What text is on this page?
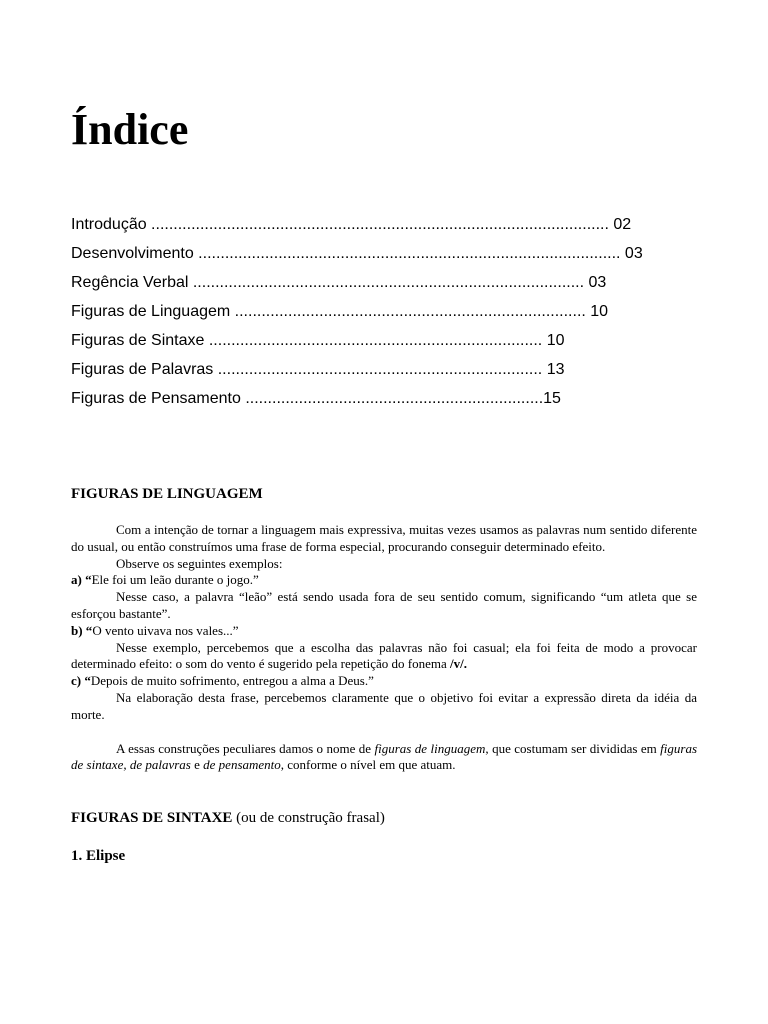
Índice
Introdução ....................................................................................................... 02
Desenvolvimento ............................................................................................... 03
Regência Verbal ........................................................................................ 03
Figuras de Linguagem ............................................................................... 10
Figuras de Sintaxe ........................................................................... 10
Figuras de Palavras ......................................................................... 13
Figuras de Pensamento ...................................................................15
FIGURAS DE LINGUAGEM

Com a intenção de tornar a linguagem mais expressiva, muitas vezes usamos as palavras num sentido diferente do usual, ou então construímos uma frase de forma especial, procurando conseguir determinado efeito.

Observe os seguintes exemplos:

a) “Ele foi um leão durante o jogo.”

Nesse caso, a palavra “leão” está sendo usada fora de seu sentido comum, significando “um atleta que se esforçou bastante”.

b) “O vento uivava nos vales...”

Nesse exemplo, percebemos que a escolha das palavras não foi casual; ela foi feita de modo a provocar determinado efeito: o som do vento é sugerido pela repetição do fonema /v/.

c) “Depois de muito sofrimento, entregou a alma a Deus.”

Na elaboração desta frase, percebemos claramente que o objetivo foi evitar a expressão direta da idéia da morte.

A essas construções peculiares damos o nome de figuras de linguagem, que costumam ser divididas em figuras de sintaxe, de palavras e de pensamento, conforme o nível em que atuam.

FIGURAS DE SINTAXE (ou de construção frasal)
1. Elipse
